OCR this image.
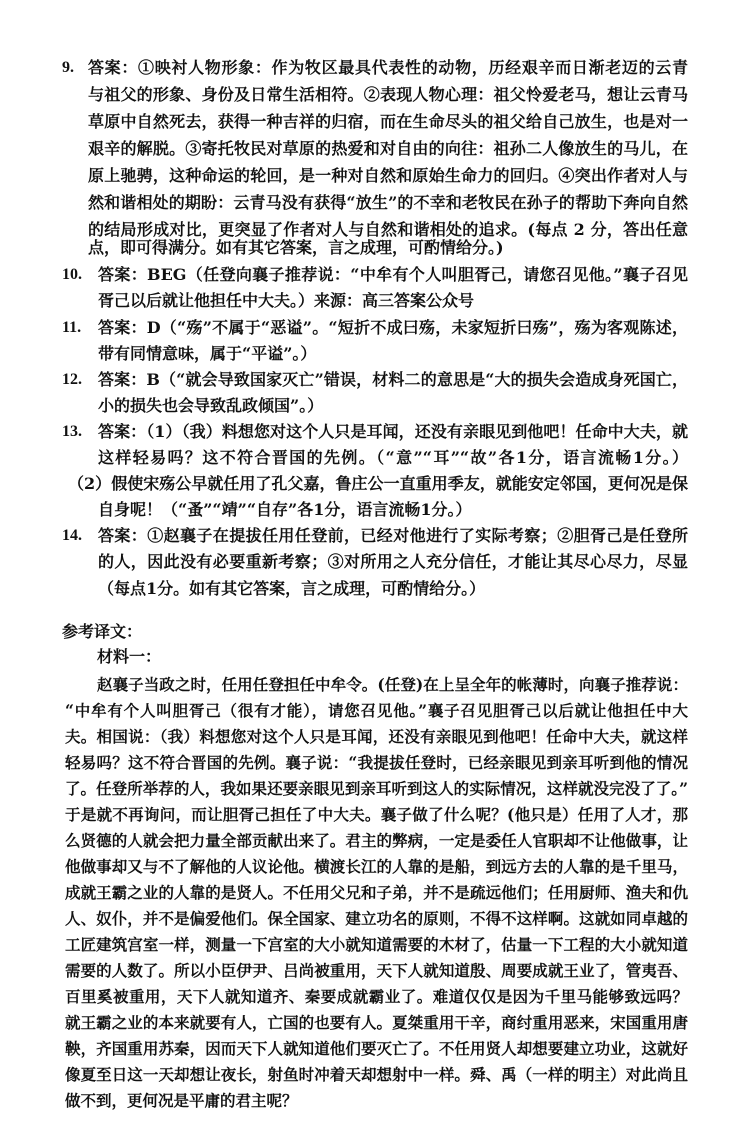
9. 答案：①映衬人物形象：作为牧区最具代表性的动物，历经艰辛而日渐老迈的云青
与祖父的形象、身份及日常生活相符。②表现人物心理：祖父怜爱老马，想让云青马
草原中自然死去，获得一种吉祥的归宿，而在生命尽头的祖父给自己放生，也是对一
艰辛的解脱。③寄托牧民对草原的热爱和对自由的向往：祖孙二人像放生的马儿，在
原上驰骋，这种命运的轮回，是一种对自然和原始生命力的回归。④突出作者对人与
然和谐相处的期盼：云青马没有获得“放生”的不幸和老牧民在孙子的帮助下奔向自然
的结局形成对比，更突显了作者对人与自然和谐相处的追求。(每点 2 分，答出任意
点，即可得满分。如有其它答案，言之成理，可酌情给分。)
10. 答案：BEG（任登向襄子推荐说：“中牟有个人叫胆胥己，请您召见他。”襄子召见
胥己以后就让他担任中大夫。）来源：高三答案公众号
11. 答案：D（“殇”不属于“恶谥”。“短折不成曰殇，未家短折曰殇”，殇为客观陈述，
带有同情意味，属于“平谥”。）
12. 答案：B（“就会导致国家灭亡”错误，材料二的意思是“大的损失会造成身死国亡，
小的损失也会导致乱政倾国”。）
13. 答案：（1）（我）料想您对这个人只是耳闻，还没有亲眼见到他吧！任命中大夫，就
这样轻易吗？这不符合晋国的先例。（“意”“耳”“故”各1分，语言流畅1分。）
（2）假使宋殇公早就任用了孔父嘉，鲁庄公一直重用季友，就能安定邻国，更何况是保
自身呢！（“蚤”“靖”“自存”各1分，语言流畅1分。）
14. 答案：①赵襄子在提拔任用任登前，已经对他进行了实际考察；②胆胥己是任登所
的人，因此没有必要重新考察；③对所用之人充分信任，才能让其尽心尽力，尽显
（每点1分。如有其它答案，言之成理，可酌情给分。）
参考译文：
材料一：
赵襄子当政之时，任用任登担任中牟令。(任登)在上呈全年的帐薄时，向襄子推荐说：
“中牟有个人叫胆胥己（很有才能），请您召见他。”襄子召见胆胥己以后就让他担任中大
夫。相国说：（我）料想您对这个人只是耳闻，还没有亲眼见到他吧！任命中大夫，就这样
轻易吗？这不符合晋国的先例。襄子说：“我提拔任登时，已经亲眼见到亲耳听到他的情况
了。任登所举荐的人，我如果还要亲眼见到亲耳听到这人的实际情况，这样就没完没了了。”
于是就不再询问，而让胆胥己担任了中大夫。襄子做了什么呢？(他只是）任用了人才，那
么贤德的人就会把力量全部贡献出来了。君主的弊病，一定是委任人官职却不让他做事，让
他做事却又与不了解他的人议论他。横渡长江的人靠的是船，到远方去的人靠的是千里马，
成就王霸之业的人靠的是贤人。不任用父兄和子弟，并不是疏远他们；任用厨师、渔夫和仇
人、奴仆，并不是偏爱他们。保全国家、建立功名的原则，不得不这样啊。这就如同卓越的
工匠建筑宫室一样，测量一下宫室的大小就知道需要的木材了，估量一下工程的大小就知道
需要的人数了。所以小臣伊尹、吕尚被重用，天下人就知道殷、周要成就王业了，管夷吾、
百里奚被重用，天下人就知道齐、秦要成就霸业了。难道仅仅是因为千里马能够致远吗？
就王霸之业的本来就要有人，亡国的也要有人。夏桀重用干辛，商纣重用恶来，宋国重用唐
鞅，齐国重用苏秦，因而天下人就知道他们要灭亡了。不任用贤人却想要建立功业，这就好
像夏至日这一天却想让夜长，射鱼时冲着天却想射中一样。舜、禹（一样的明主）对此尚且
做不到，更何况是平庸的君主呢？
